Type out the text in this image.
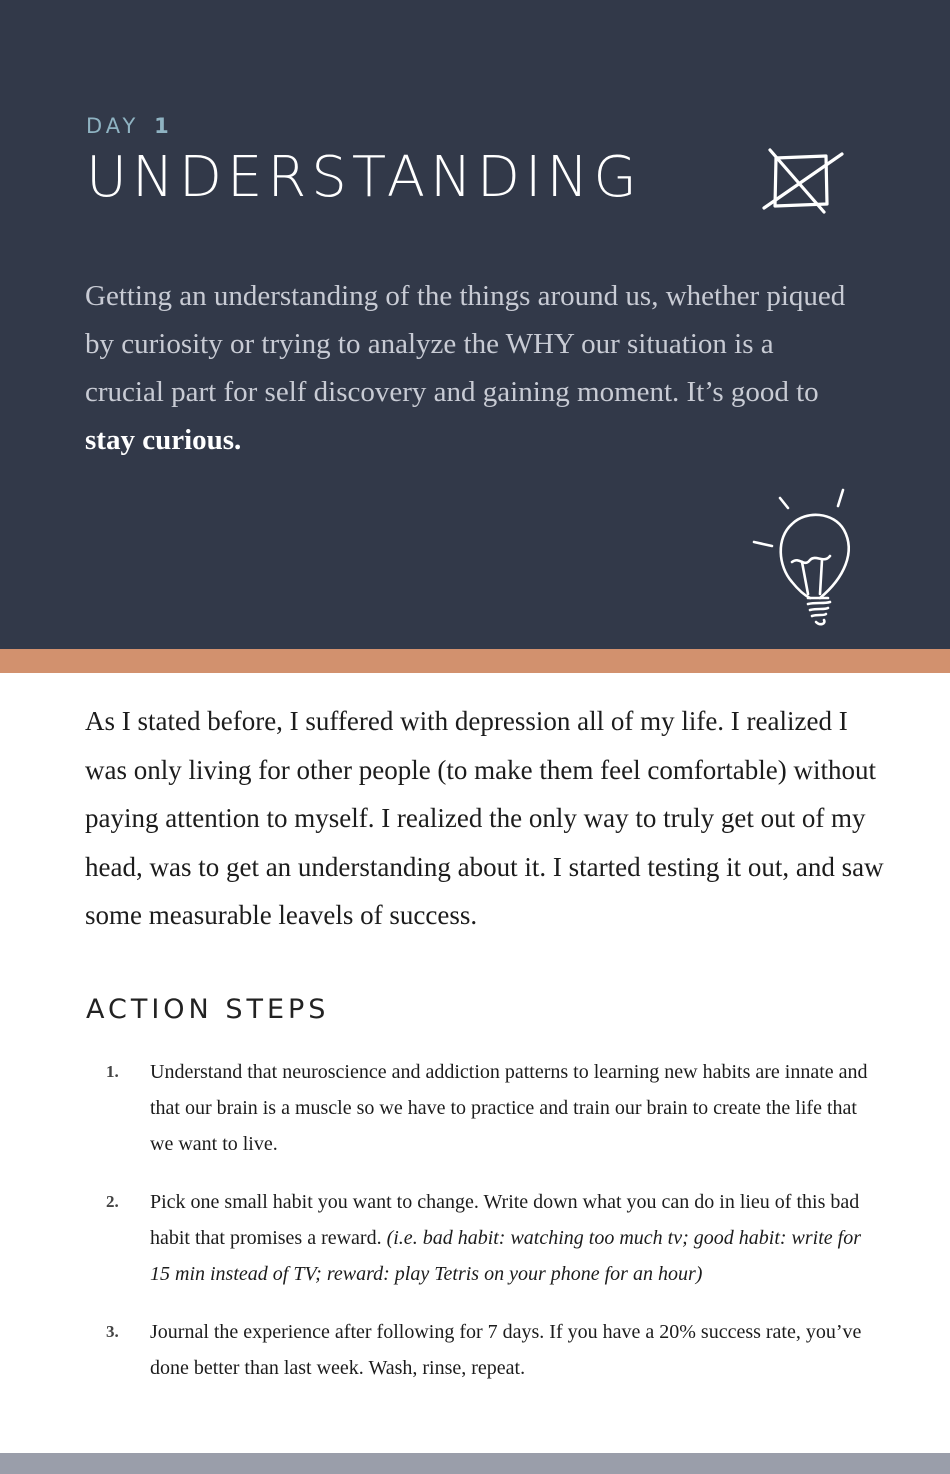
DAY 1
UNDERSTANDING
Getting an understanding of the things around us, whether piqued by curiosity or trying to analyze the WHY our situation is a crucial part for self discovery and gaining moment. It’s good to stay curious.
As I stated before, I suffered with depression all of my life. I realized I was only living for other people (to make them feel comfortable) without paying attention to myself. I realized the only way to truly get out of my head, was to get an understanding about it. I started testing it out, and saw some measurable leavels of success.
ACTION STEPS
1. Understand that neuroscience and addiction patterns to learning new habits are innate and that our brain is a muscle so we have to practice and train our brain to create the life that we want to live.
2. Pick one small habit you want to change. Write down what you can do in lieu of this bad habit that promises a reward. (i.e. bad habit: watching too much tv; good habit: write for 15 min instead of TV; reward: play Tetris on your phone for an hour)
3. Journal the experience after following for 7 days. If you have a 20% success rate, you’ve done better than last week. Wash, rinse, repeat.
